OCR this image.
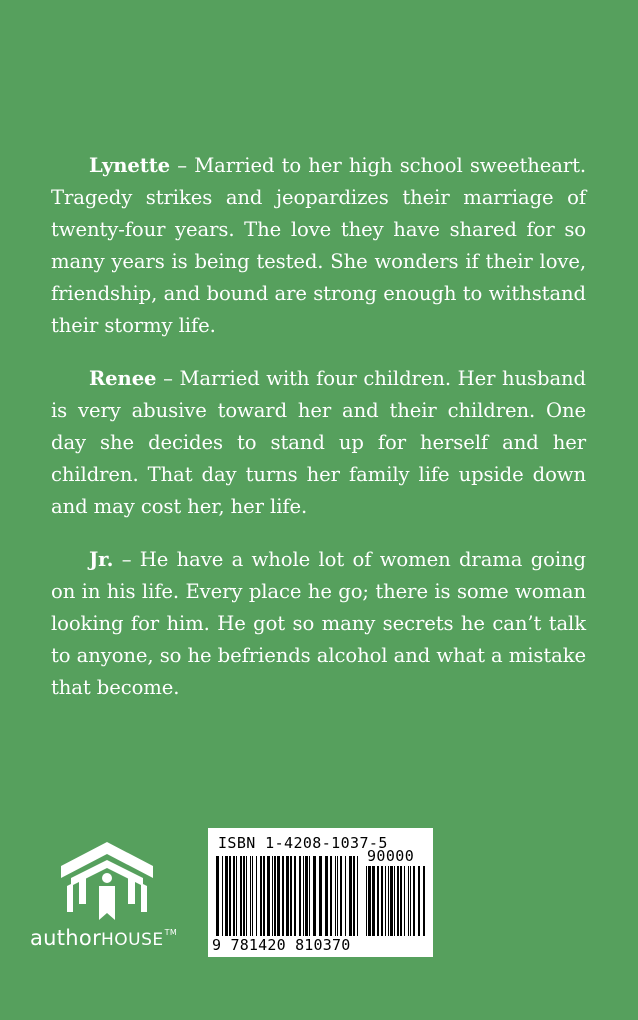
Lynette – Married to her high school sweetheart. Tragedy strikes and jeopardizes their marriage of twenty-four years. The love they have shared for so many years is being tested. She wonders if their love, friendship, and bound are strong enough to withstand their stormy life.

Renee – Married with four children. Her husband is very abusive toward her and their children. One day she decides to stand up for herself and her children. That day turns her family life upside down and may cost her, her life.

Jr. – He have a whole lot of women drama going on in his life. Every place he go; there is some woman looking for him. He got so many secrets he can’t talk to anyone, so he befriends alcohol and what a mistake that become.

authorHOUSE™
ISBN 1-4208-1037-5
90000
9 781420 810370
